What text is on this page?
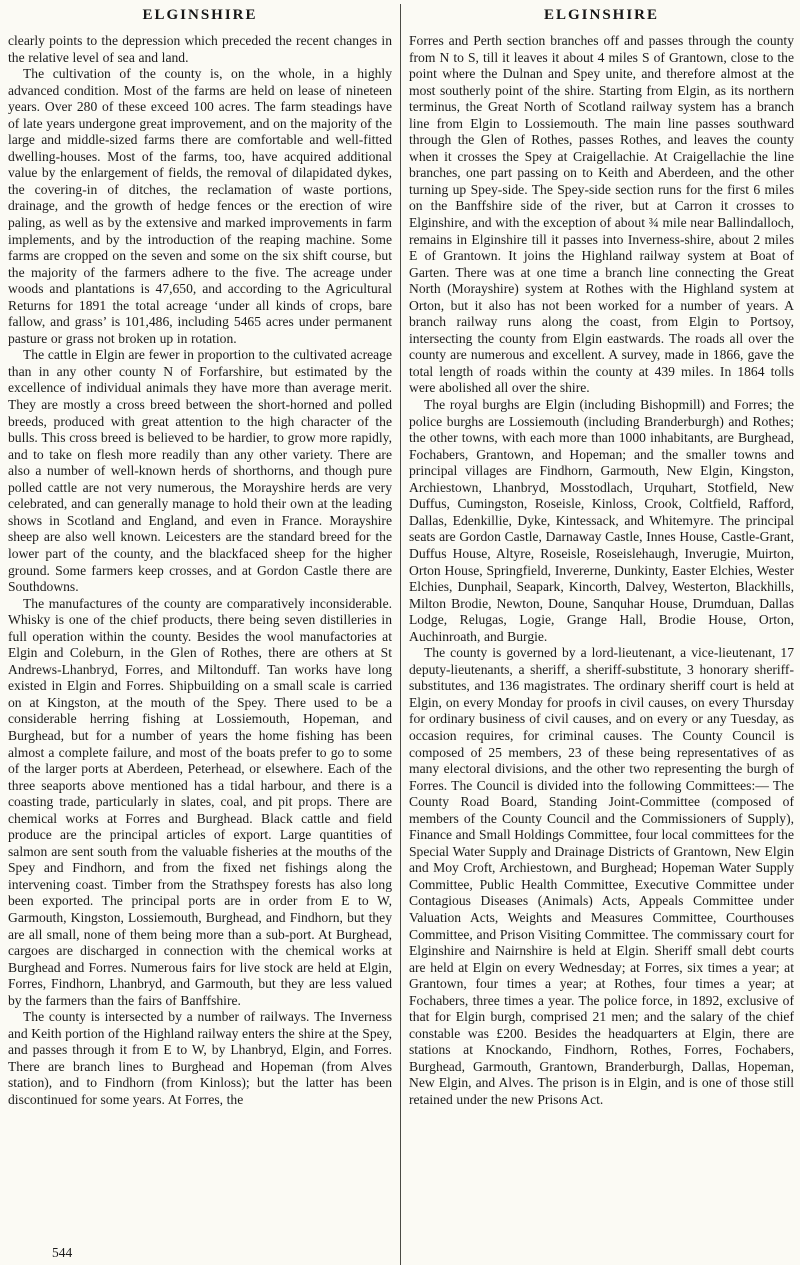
ELGINSHIRE

clearly points to the depression which preceded the recent changes in the relative level of sea and land.

The cultivation of the county is, on the whole, in a highly advanced condition. Most of the farms are held on lease of nineteen years. Over 280 of these exceed 100 acres. The farm steadings have of late years undergone great improvement, and on the majority of the large and middle-sized farms there are comfortable and well-fitted dwelling-houses. Most of the farms, too, have acquired additional value by the enlargement of fields, the removal of dilapidated dykes, the covering-in of ditches, the reclamation of waste portions, drainage, and the growth of hedge fences or the erection of wire paling, as well as by the extensive and marked improvements in farm implements, and by the introduction of the reaping machine. Some farms are cropped on the seven and some on the six shift course, but the majority of the farmers adhere to the five. The acreage under woods and plantations is 47,650, and according to the Agricultural Returns for 1891 the total acreage ‘under all kinds of crops, bare fallow, and grass’ is 101,486, including 5465 acres under permanent pasture or grass not broken up in rotation.

The cattle in Elgin are fewer in proportion to the cultivated acreage than in any other county N of Forfarshire, but estimated by the excellence of individual animals they have more than average merit. They are mostly a cross breed between the short-horned and polled breeds, produced with great attention to the high character of the bulls. This cross breed is believed to be hardier, to grow more rapidly, and to take on flesh more readily than any other variety. There are also a number of well-known herds of shorthorns, and though pure polled cattle are not very numerous, the Morayshire herds are very celebrated, and can generally manage to hold their own at the leading shows in Scotland and England, and even in France. Morayshire sheep are also well known. Leicesters are the standard breed for the lower part of the county, and the blackfaced sheep for the higher ground. Some farmers keep crosses, and at Gordon Castle there are Southdowns.

The manufactures of the county are comparatively inconsiderable. Whisky is one of the chief products, there being seven distilleries in full operation within the county. Besides the wool manufactories at Elgin and Coleburn, in the Glen of Rothes, there are others at St Andrews-Lhanbryd, Forres, and Miltonduff. Tan works have long existed in Elgin and Forres. Shipbuilding on a small scale is carried on at Kingston, at the mouth of the Spey. There used to be a considerable herring fishing at Lossiemouth, Hopeman, and Burghead, but for a number of years the home fishing has been almost a complete failure, and most of the boats prefer to go to some of the larger ports at Aberdeen, Peterhead, or elsewhere. Each of the three seaports above mentioned has a tidal harbour, and there is a coasting trade, particularly in slates, coal, and pit props. There are chemical works at Forres and Burghead. Black cattle and field produce are the principal articles of export. Large quantities of salmon are sent south from the valuable fisheries at the mouths of the Spey and Findhorn, and from the fixed net fishings along the intervening coast. Timber from the Strathspey forests has also long been exported. The principal ports are in order from E to W, Garmouth, Kingston, Lossiemouth, Burghead, and Findhorn, but they are all small, none of them being more than a sub-port. At Burghead, cargoes are discharged in connection with the chemical works at Burghead and Forres. Numerous fairs for live stock are held at Elgin, Forres, Findhorn, Lhanbryd, and Garmouth, but they are less valued by the farmers than the fairs of Banffshire.

The county is intersected by a number of railways. The Inverness and Keith portion of the Highland railway enters the shire at the Spey, and passes through it from E to W, by Lhanbryd, Elgin, and Forres. There are branch lines to Burghead and Hopeman (from Alves station), and to Findhorn (from Kinloss); but the latter has been discontinued for some years. At Forres, the

ELGINSHIRE

Forres and Perth section branches off and passes through the county from N to S, till it leaves it about 4 miles S of Grantown, close to the point where the Dulnan and Spey unite, and therefore almost at the most southerly point of the shire. Starting from Elgin, as its northern terminus, the Great North of Scotland railway system has a branch line from Elgin to Lossiemouth. The main line passes southward through the Glen of Rothes, passes Rothes, and leaves the county when it crosses the Spey at Craigellachie. At Craigellachie the line branches, one part passing on to Keith and Aberdeen, and the other turning up Spey-side. The Spey-side section runs for the first 6 miles on the Banffshire side of the river, but at Carron it crosses to Elginshire, and with the exception of about ¾ mile near Ballindalloch, remains in Elginshire till it passes into Inverness-shire, about 2 miles E of Grantown. It joins the Highland railway system at Boat of Garten. There was at one time a branch line connecting the Great North (Morayshire) system at Rothes with the Highland system at Orton, but it also has not been worked for a number of years. A branch railway runs along the coast, from Elgin to Portsoy, intersecting the county from Elgin eastwards. The roads all over the county are numerous and excellent. A survey, made in 1866, gave the total length of roads within the county at 439 miles. In 1864 tolls were abolished all over the shire.

The royal burghs are Elgin (including Bishopmill) and Forres; the police burghs are Lossiemouth (including Branderburgh) and Rothes; the other towns, with each more than 1000 inhabitants, are Burghead, Fochabers, Grantown, and Hopeman; and the smaller towns and principal villages are Findhorn, Garmouth, New Elgin, Kingston, Archiestown, Lhanbryd, Mosstodlach, Urquhart, Stotfield, New Duffus, Cumingston, Roseisle, Kinloss, Crook, Coltfield, Rafford, Dallas, Edenkillie, Dyke, Kintessack, and Whitemyre. The principal seats are Gordon Castle, Darnaway Castle, Innes House, Castle-Grant, Duffus House, Altyre, Roseisle, Roseislehaugh, Inverugie, Muirton, Orton House, Springfield, Invererne, Dunkinty, Easter Elchies, Wester Elchies, Dunphail, Seapark, Kincorth, Dalvey, Westerton, Blackhills, Milton Brodie, Newton, Doune, Sanquhar House, Drumduan, Dallas Lodge, Relugas, Logie, Grange Hall, Brodie House, Orton, Auchinroath, and Burgie.

The county is governed by a lord-lieutenant, a vice-lieutenant, 17 deputy-lieutenants, a sheriff, a sheriff-substitute, 3 honorary sheriff-substitutes, and 136 magistrates. The ordinary sheriff court is held at Elgin, on every Monday for proofs in civil causes, on every Thursday for ordinary business of civil causes, and on every or any Tuesday, as occasion requires, for criminal causes. The County Council is composed of 25 members, 23 of these being representatives of as many electoral divisions, and the other two representing the burgh of Forres. The Council is divided into the following Committees:— The County Road Board, Standing Joint-Committee (composed of members of the County Council and the Commissioners of Supply), Finance and Small Holdings Committee, four local committees for the Special Water Supply and Drainage Districts of Grantown, New Elgin and Moy Croft, Archiestown, and Burghead; Hopeman Water Supply Committee, Public Health Committee, Executive Committee under Contagious Diseases (Animals) Acts, Appeals Committee under Valuation Acts, Weights and Measures Committee, Courthouses Committee, and Prison Visiting Committee. The commissary court for Elginshire and Nairnshire is held at Elgin. Sheriff small debt courts are held at Elgin on every Wednesday; at Forres, six times a year; at Grantown, four times a year; at Rothes, four times a year; at Fochabers, three times a year. The police force, in 1892, exclusive of that for Elgin burgh, comprised 21 men; and the salary of the chief constable was £200. Besides the headquarters at Elgin, there are stations at Knockando, Findhorn, Rothes, Forres, Fochabers, Burghead, Garmouth, Grantown, Branderburgh, Dallas, Hopeman, New Elgin, and Alves. The prison is in Elgin, and is one of those still retained under the new Prisons Act.

544
